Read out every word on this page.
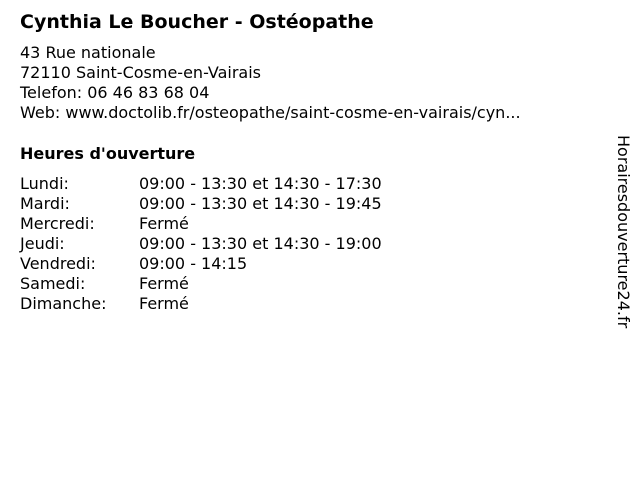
Cynthia Le Boucher - Ostéopathe
43 Rue nationale
72110 Saint-Cosme-en-Vairais
Telefon: 06 46 83 68 04
Web: www.doctolib.fr/osteopathe/saint-cosme-en-vairais/cyn...
Heures d'ouverture
Lundi:	09:00 - 13:30 et 14:30 - 17:30
Mardi:	09:00 - 13:30 et 14:30 - 19:45
Mercredi:	Fermé
Jeudi:	09:00 - 13:30 et 14:30 - 19:00
Vendredi:	09:00 - 14:15
Samedi:	Fermé
Dimanche: Fermé	Horairesdouverture24.fr
